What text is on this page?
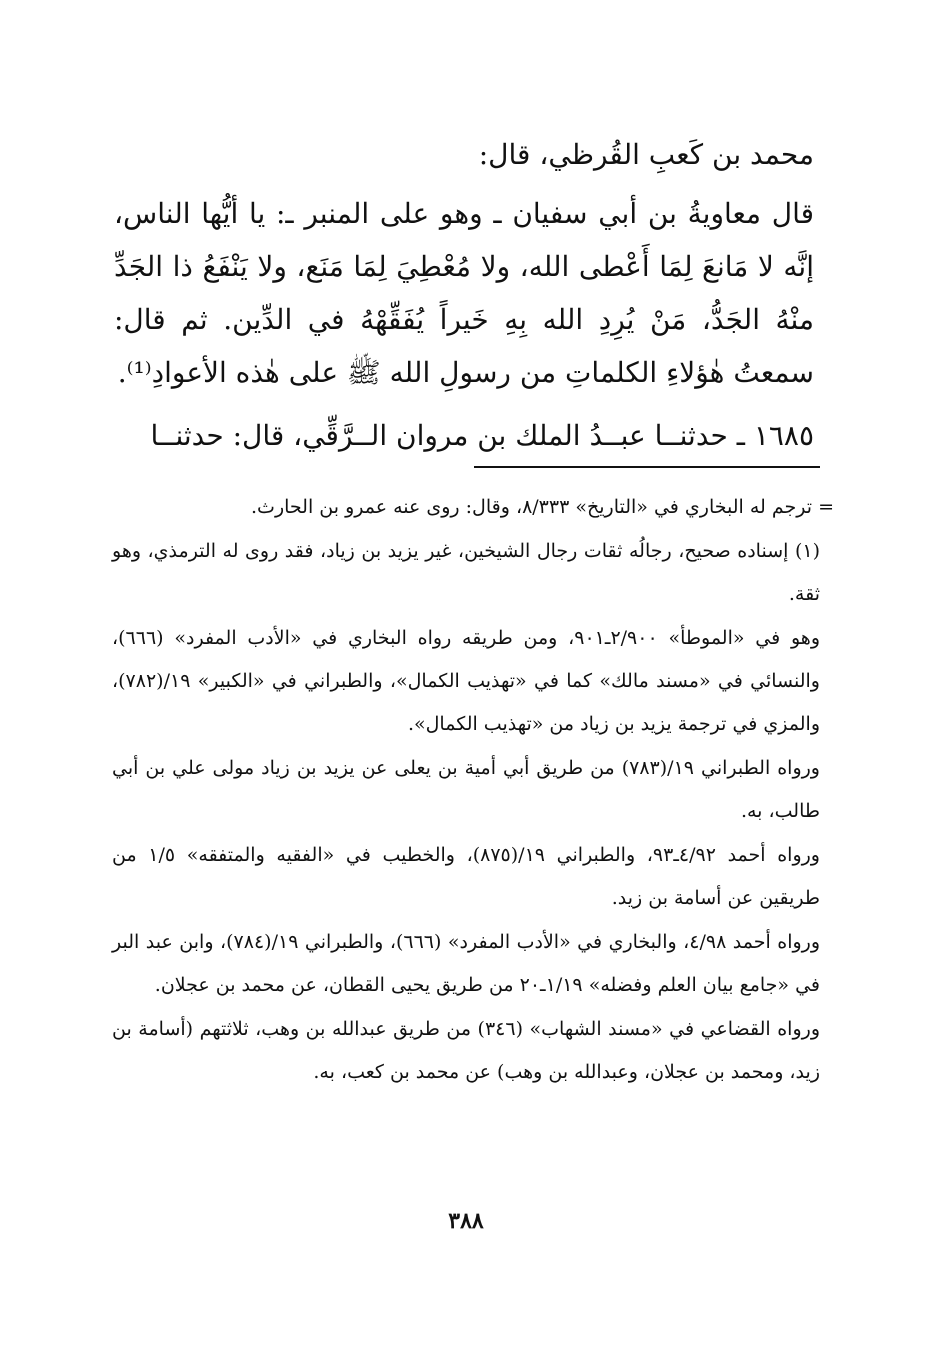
محمد بن كَعبِ القُرظي، قال:

قال معاويةُ بن أبي سفيان ـ وهو على المنبر ـ: يا أيُّها الناس، إنَّه لا مَانعَ لِمَا أَعْطى الله، ولا مُعْطِيَ لِمَا مَنَع، ولا يَنْفَعُ ذا الجَدِّ منْهُ الجَدُّ، مَنْ يُرِدِ الله بِهِ خَيراً يُفَقِّهْهُ في الدِّين. ثم قال: سمعتُ هٰؤلاءِ الكلماتِ من رسولِ الله ﷺ على هٰذه الأعوادِ⁽¹⁾.

١٦٨٥ ـ حدثنــا عبــدُ الملك بن مروان الــرَّقِّي، قال: حدثنــا

= ترجم له البخاري في «التاريخ» ٨/٣٣٣، وقال: روى عنه عمرو بن الحارث.

(١) إسناده صحيح، رجالُه ثقات رجال الشيخين، غير يزيد بن زياد، فقد روى له الترمذي، وهو ثقة.

وهو في «الموطأ» ٢/٩٠٠ـ٩٠١، ومن طريقه رواه البخاري في «الأدب المفرد» (٦٦٦)، والنسائي في «مسند مالك» كما في «تهذيب الكمال»، والطبراني في «الكبير» ١٩/(٧٨٢)، والمزي في ترجمة يزيد بن زياد من «تهذيب الكمال».

ورواه الطبراني ١٩/(٧٨٣) من طريق أبي أمية بن يعلى عن يزيد بن زياد مولى علي بن أبي طالب، به.

ورواه أحمد ٤/٩٢ـ٩٣، والطبراني ١٩/(٨٧٥)، والخطيب في «الفقيه والمتفقه» ١/٥ من طريقين عن أسامة بن زيد.

ورواه أحمد ٤/٩٨، والبخاري في «الأدب المفرد» (٦٦٦)، والطبراني ١٩/(٧٨٤)، وابن عبد البر في «جامع بيان العلم وفضله» ١/١٩ـ٢٠ من طريق يحيى القطان، عن محمد بن عجلان.

ورواه القضاعي في «مسند الشهاب» (٣٤٦) من طريق عبدالله بن وهب، ثلاثتهم (أسامة بن زيد، ومحمد بن عجلان، وعبدالله بن وهب) عن محمد بن كعب، به.

٣٨٨
